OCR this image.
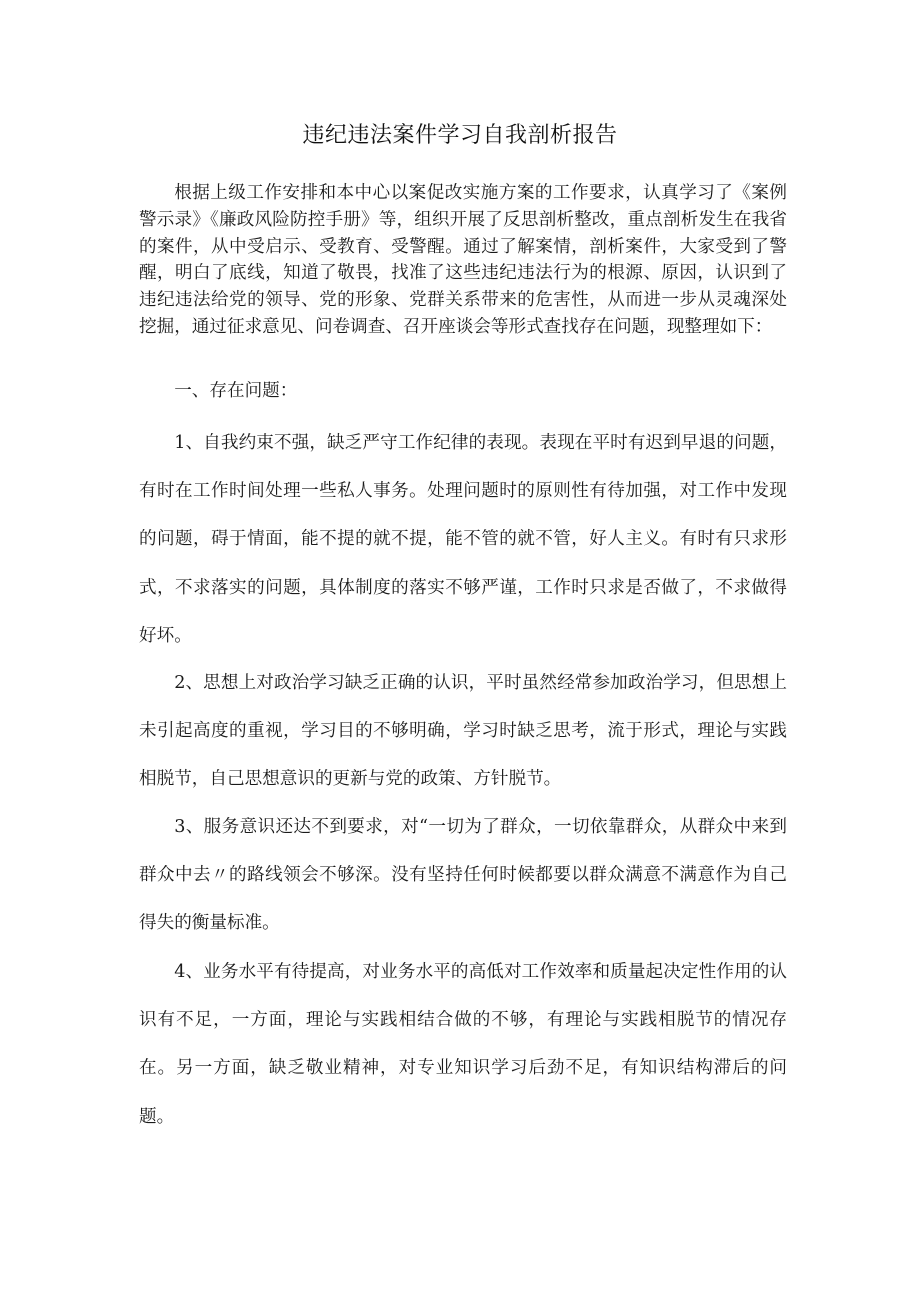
违纪违法案件学习自我剖析报告

根据上级工作安排和本中心以案促改实施方案的工作要求，认真学习了《案例警示录》《廉政风险防控手册》等，组织开展了反思剖析整改，重点剖析发生在我省的案件，从中受启示、受教育、受警醒。通过了解案情，剖析案件，大家受到了警醒，明白了底线，知道了敬畏，找准了这些违纪违法行为的根源、原因，认识到了违纪违法给党的领导、党的形象、党群关系带来的危害性，从而进一步从灵魂深处挖掘，通过征求意见、问卷调查、召开座谈会等形式查找存在问题，现整理如下：

一、存在问题：

1、自我约束不强，缺乏严守工作纪律的表现。表现在平时有迟到早退的问题，有时在工作时间处理一些私人事务。处理问题时的原则性有待加强，对工作中发现的问题，碍于情面，能不提的就不提，能不管的就不管，好人主义。有时有只求形式，不求落实的问题，具体制度的落实不够严谨，工作时只求是否做了，不求做得好坏。

2、思想上对政治学习缺乏正确的认识，平时虽然经常参加政治学习，但思想上未引起高度的重视，学习目的不够明确，学习时缺乏思考，流于形式，理论与实践相脱节，自己思想意识的更新与党的政策、方针脱节。

3、服务意识还达不到要求，对“一切为了群众，一切依靠群众，从群众中来到群众中去〃的路线领会不够深。没有坚持任何时候都要以群众满意不满意作为自己得失的衡量标准。

4、业务水平有待提高，对业务水平的高低对工作效率和质量起决定性作用的认识有不足，一方面，理论与实践相结合做的不够，有理论与实践相脱节的情况存在。另一方面，缺乏敬业精神，对专业知识学习后劲不足，有知识结构滞后的问题。
